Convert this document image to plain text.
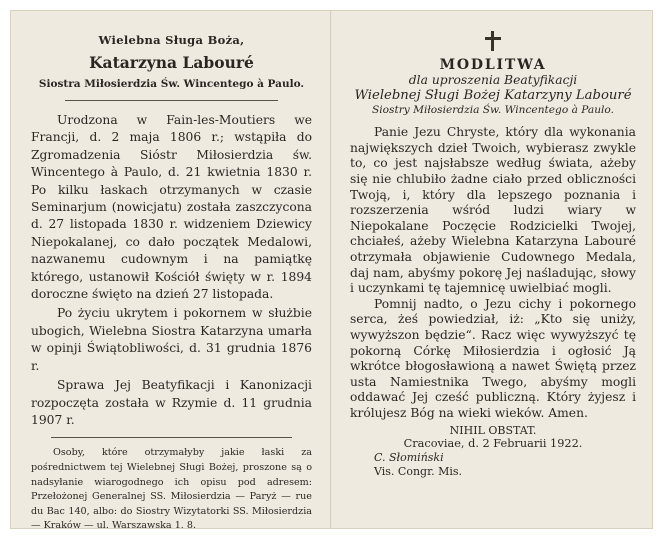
Wielebna Sługa Boża,
Katarzyna Labouré
Siostra Miłosierdzia Św. Wincentego à Paulo.

Urodzona w Fain-les-Moutiers we Francji, d. 2 maja 1806 r.; wstąpiła do Zgromadzenia Sióstr Miłosierdzia św. Wincentego à Paulo, d. 21 kwietnia 1830 r. Po kilku łaskach otrzymanych w czasie Seminarjum (nowicjatu) została zaszczycona d. 27 listopada 1830 r. widzeniem Dziewicy Niepokalanej, co dało początek Medalowi, nazwanemu cudownym i na pamiątkę którego, ustanowił Kościół święty w r. 1894 doroczne święto na dzień 27 listopada.

Po życiu ukrytem i pokornem w służbie ubogich, Wielebna Siostra Katarzyna umarła w opinji Świątobliwości, d. 31 grudnia 1876 r.

Sprawa Jej Beatyfikacji i Kanonizacji rozpoczęta została w Rzymie d. 11 grudnia 1907 r.

Osoby, które otrzymałyby jakie łaski za pośrednictwem tej Wielebnej Sługi Bożej, proszone są o nadsyłanie wiarogodnego ich opisu pod adresem: Przełożonej Generalnej SS. Miłosierdzia — Paryż — rue du Bac 140, albo: do Siostry Wizytatorki SS. Miłosierdzia — Kraków — ul. Warszawska 1. 8.
MODLITWA
dla uproszenia Beatyfikacji
Wielebnej Sługi Bożej Katarzyny Labouré
Siostry Miłosierdzia Św. Wincentego à Paulo.

Panie Jezu Chryste, który dla wykonania największych dzieł Twoich, wybierasz zwykle to, co jest najsłabsze według świata, ażeby się nie chlubiło żadne ciało przed obliczności Twoją, i, który dla lepszego poznania i rozszerzenia wśród ludzi wiary w Niepokalane Poczęcie Rodzicielki Twojej, chciałeś, ażeby Wielebna Katarzyna Labouré otrzymała objawienie Cudownego Medala, daj nam, abyśmy pokorę Jej naśladując, słowy i uczynkami tę tajemnicę uwielbiać mogli.

Pomnij nadto, o Jezu cichy i pokornego serca, żeś powiedział, iż: „Kto się uniży, wywyższon będzie“. Racz więc wywyższyć tę pokorną Córkę Miłosierdzia i ogłosić Ją wkrótce błogosławioną a nawet Świętą przez usta Namiestnika Twego, abyśmy mogli oddawać Jej cześć publiczną. Który żyjesz i królujesz Bóg na wieki wieków. Amen.

NIHIL OBSTAT.
Cracoviae, d. 2 Februarii 1922.
C. Słomiński
Vis. Congr. Mis.
